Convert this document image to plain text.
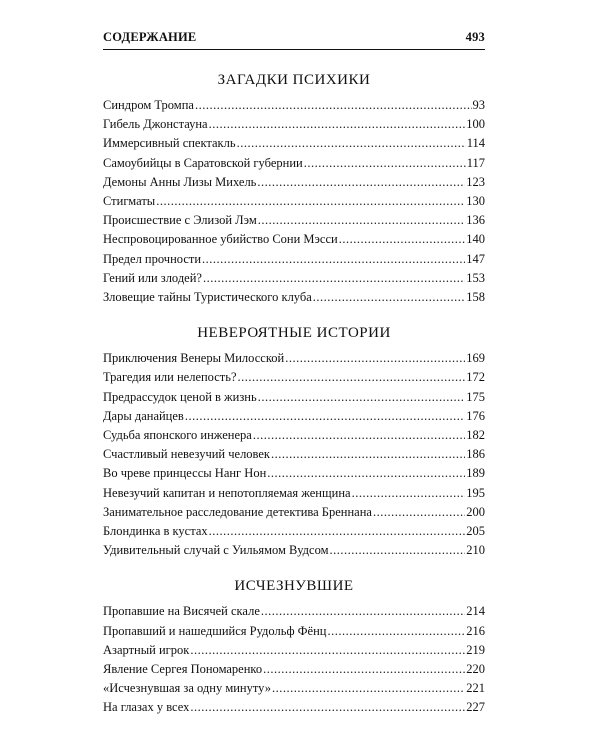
СОДЕРЖАНИЕ	493
ЗАГАДКИ ПСИХИКИ
Синдром Тромпа .....	93
Гибель Джонстауна .....	100
Иммерсивный спектакль .....	114
Самоубийцы в Саратовской губернии .....	117
Демоны Анны Лизы Михель .....	123
Стигматы .....	130
Происшествие с Элизой Лэм .....	136
Неспровоцированное убийство Сони Мэсси .....	140
Предел прочности .....	147
Гений или злодей? .....	153
Зловещие тайны Туристического клуба .....	158
НЕВЕРОЯТНЫЕ ИСТОРИИ
Приключения Венеры Милосской .....	169
Трагедия или нелепость? .....	172
Предрассудок ценой в жизнь .....	175
Дары данайцев .....	176
Судьба японского инженера .....	182
Счастливый невезучий человек .....	186
Во чреве принцессы Нанг Нон .....	189
Невезучий капитан и непотопляемая женщина .....	195
Занимательное расследование детектива Бреннана .....	200
Блондинка в кустах .....	205
Удивительный случай с Уильямом Вудсом .....	210
ИСЧЕЗНУВШИЕ
Пропавшие на Висячей скале .....	214
Пропавший и нашедшийся Рудольф Фёнц .....	216
Азартный игрок .....	219
Явление Сергея Пономаренко .....	220
«Исчезнувшая за одну минуту» .....	221
На глазах у всех .....	227
